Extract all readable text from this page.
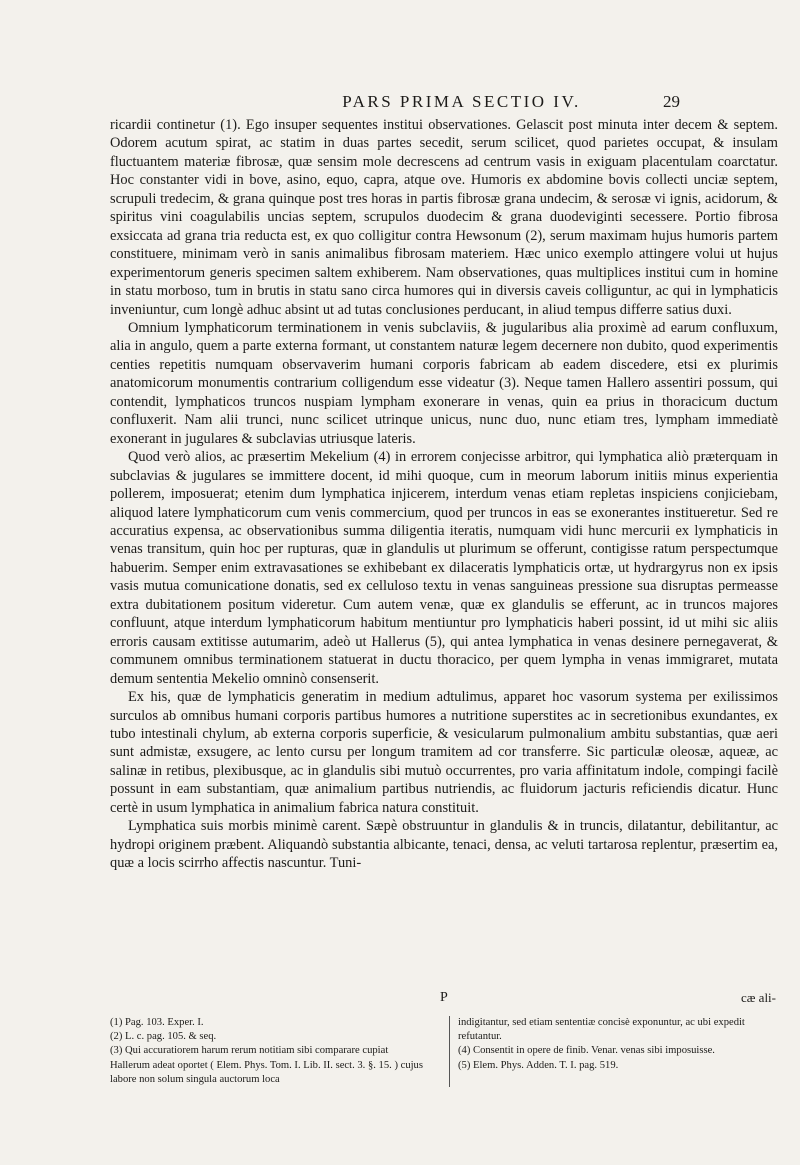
PARS PRIMA SECTIO IV.	29

ricardii continetur (1). Ego insuper sequentes institui observationes. Gelascit post minuta inter decem & septem. Odorem acutum spirat, ac statim in duas partes secedit, serum scilicet, quod parietes occupat, & insulam fluctuantem materiæ fibrosæ, quæ sensim mole decrescens ad centrum vasis in exiguam placentulam coarctatur. Hoc constanter vidi in bove, asino, equo, capra, atque ove. Humoris ex abdomine bovis collecti unciæ septem, scrupuli tredecim, & grana quinque post tres horas in partis fibrosæ grana undecim, & serosæ vi ignis, acidorum, & spiritus vini coagulabilis uncias septem, scrupulos duodecim & grana duodeviginti secessere. Portio fibrosa exsiccata ad grana tria reducta est, ex quo colligitur contra Hewsonum (2), serum maximam hujus humoris partem constituere, minimam verò in sanis animalibus fibrosam materiem. Hæc unico exemplo attingere volui ut hujus experimentorum generis specimen saltem exhiberem. Nam observationes, quas multiplices institui cum in homine in statu morboso, tum in brutis in statu sano circa humores qui in diversis caveis colliguntur, ac qui in lymphaticis inveniuntur, cum longè adhuc absint ut ad tutas conclusiones perducant, in aliud tempus differre satius duxi.

Omnium lymphaticorum terminationem in venis subclaviis, & jugularibus alia proximè ad earum confluxum, alia in angulo, quem a parte externa formant, ut constantem naturæ legem decernere non dubito, quod experimentis centies repetitis numquam observaverim humani corporis fabricam ab eadem discedere, etsi ex plurimis anatomicorum monumentis contrarium colligendum esse videatur (3). Neque tamen Hallero assentiri possum, qui contendit, lymphaticos truncos nuspiam lympham exonerare in venas, quin ea prius in thoracicum ductum confluxerit. Nam alii trunci, nunc scilicet utrinque unicus, nunc duo, nunc etiam tres, lympham immediatè exonerant in jugulares & subclavias utriusque lateris.

Quod verò alios, ac præsertim Mekelium (4) in errorem conjecisse arbitror, qui lymphatica aliò præterquam in subclavias & jugulares se immittere docent, id mihi quoque, cum in meorum laborum initiis minus experientia pollerem, imposuerat; etenim dum lymphatica injicerem, interdum venas etiam repletas inspiciens conjiciebam, aliquod latere lymphaticorum cum venis commercium, quod per truncos in eas se exonerantes institueretur. Sed re accuratius expensa, ac observationibus summa diligentia iteratis, numquam vidi hunc mercurii ex lymphaticis in venas transitum, quin hoc per rupturas, quæ in glandulis ut plurimum se offerunt, contigisse ratum perspectumque habuerim. Semper enim extravasationes se exhibebant ex dilaceratis lymphaticis ortæ, ut hydrargyrus non ex ipsis vasis mutua comunicatione donatis, sed ex celluloso textu in venas sanguineas pressione sua disruptas permeasse extra dubitationem positum videretur. Cum autem venæ, quæ ex glandulis se efferunt, ac in truncos majores confluunt, atque interdum lymphaticorum habitum mentiuntur pro lymphaticis haberi possint, id ut mihi sic aliis erroris causam extitisse autumarim, adeò ut Hallerus (5), qui antea lymphatica in venas desinere pernegaverat, & communem omnibus terminationem statuerat in ductu thoracico, per quem lympha in venas immigraret, mutata demum sententia Mekelio omninò consenserit.

Ex his, quæ de lymphaticis generatim in medium adtulimus, apparet hoc vasorum systema per exilissimos surculos ab omnibus humani corporis partibus humores a nutritione superstites ac in secretionibus exundantes, ex tubo intestinali chylum, ab externa corporis superficie, & vesicularum pulmonalium ambitu substantias, quæ aeri sunt admistæ, exsugere, ac lento cursu per longum tramitem ad cor transferre. Sic particulæ oleosæ, aqueæ, ac salinæ in retibus, plexibusque, ac in glandulis sibi mutuò occurrentes, pro varia affinitatum indole, compingi facilè possunt in eam substantiam, quæ animalium partibus nutriendis, ac fluidorum jacturis reficiendis dicatur. Hunc certè in usum lymphatica in animalium fabrica natura constituit.

Lymphatica suis morbis minimè carent. Sæpè obstruuntur in glandulis & in truncis, dilatantur, debilitantur, ac hydropi originem præbent. Aliquandò substantia albicante, tenaci, densa, ac veluti tartarosa replentur, præsertim ea, quæ a locis scirrho affectis nascuntur. Tuni-

P	cæ ali-

(1) Pag. 103. Exper. I.

(2) L. c. pag. 105. & seq.

(3) Qui accuratiorem harum rerum notitiam sibi comparare cupiat Hallerum adeat oportet ( Elem. Phys. Tom. I. Lib. II. sect. 3. §. 15. ) cujus labore non solum singula auctorum loca

indigitantur, sed etiam sententiæ concisè exponuntur, ac ubi expedit refutantur.

(4) Consentit in opere de finib. Venar. venas sibi imposuisse.

(5) Elem. Phys. Adden. T. I. pag. 519.
